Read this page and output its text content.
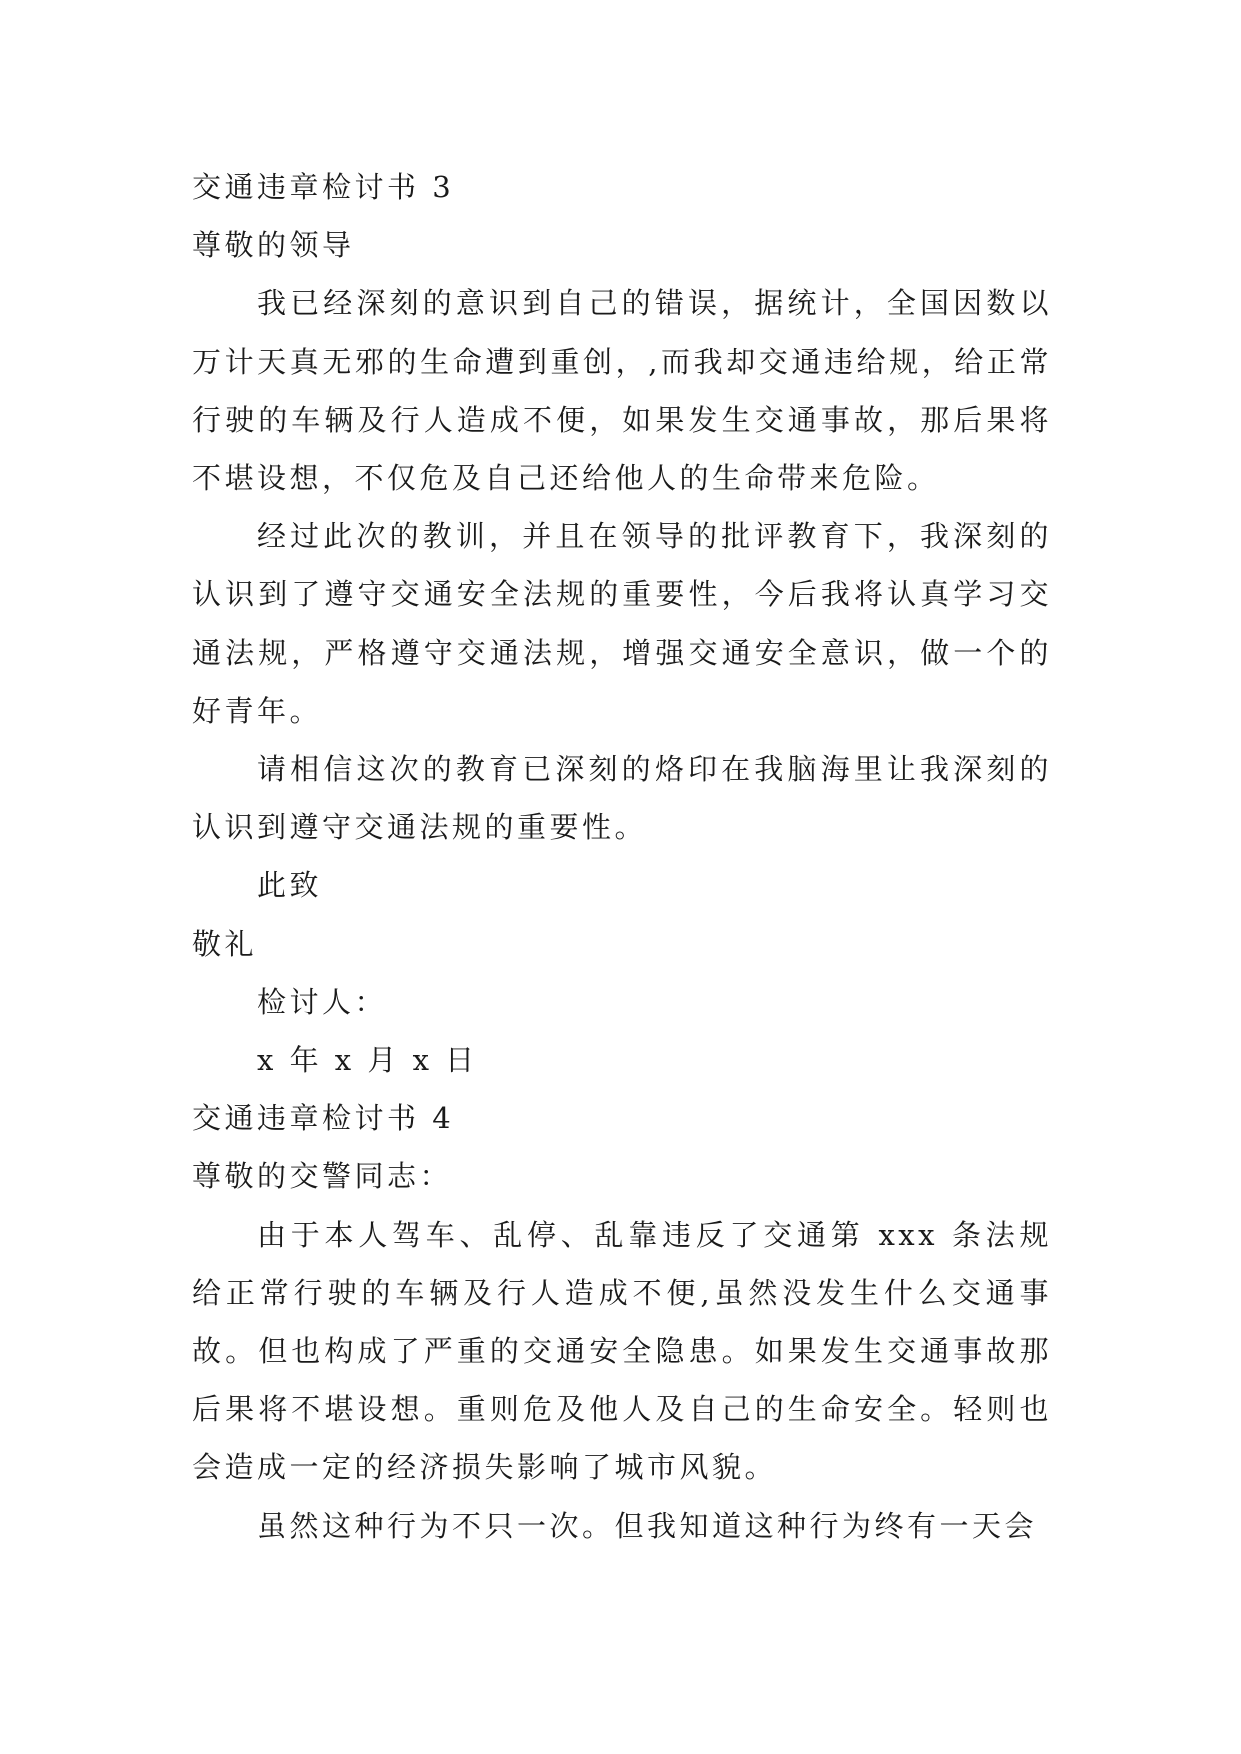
交通违章检讨书 3

尊敬的领导

我已经深刻的意识到自己的错误，据统计，全国因数以万计天真无邪的生命遭到重创，,而我却交通违给规，给正常行驶的车辆及行人造成不便，如果发生交通事故，那后果将不堪设想，不仅危及自己还给他人的生命带来危险。

经过此次的教训，并且在领导的批评教育下，我深刻的认识到了遵守交通安全法规的重要性，今后我将认真学习交通法规，严格遵守交通法规，增强交通安全意识，做一个的好青年。

请相信这次的教育已深刻的烙印在我脑海里让我深刻的认识到遵守交通法规的重要性。

此致

敬礼

检讨人：

x 年 x 月 x 日

交通违章检讨书 4

尊敬的交警同志：

由于本人驾车、乱停、乱靠违反了交通第 xxx 条法规给正常行驶的车辆及行人造成不便,虽然没发生什么交通事故。但也构成了严重的交通安全隐患。如果发生交通事故那后果将不堪设想。重则危及他人及自己的生命安全。轻则也会造成一定的经济损失影响了城市风貌。

虽然这种行为不只一次。但我知道这种行为终有一天会
